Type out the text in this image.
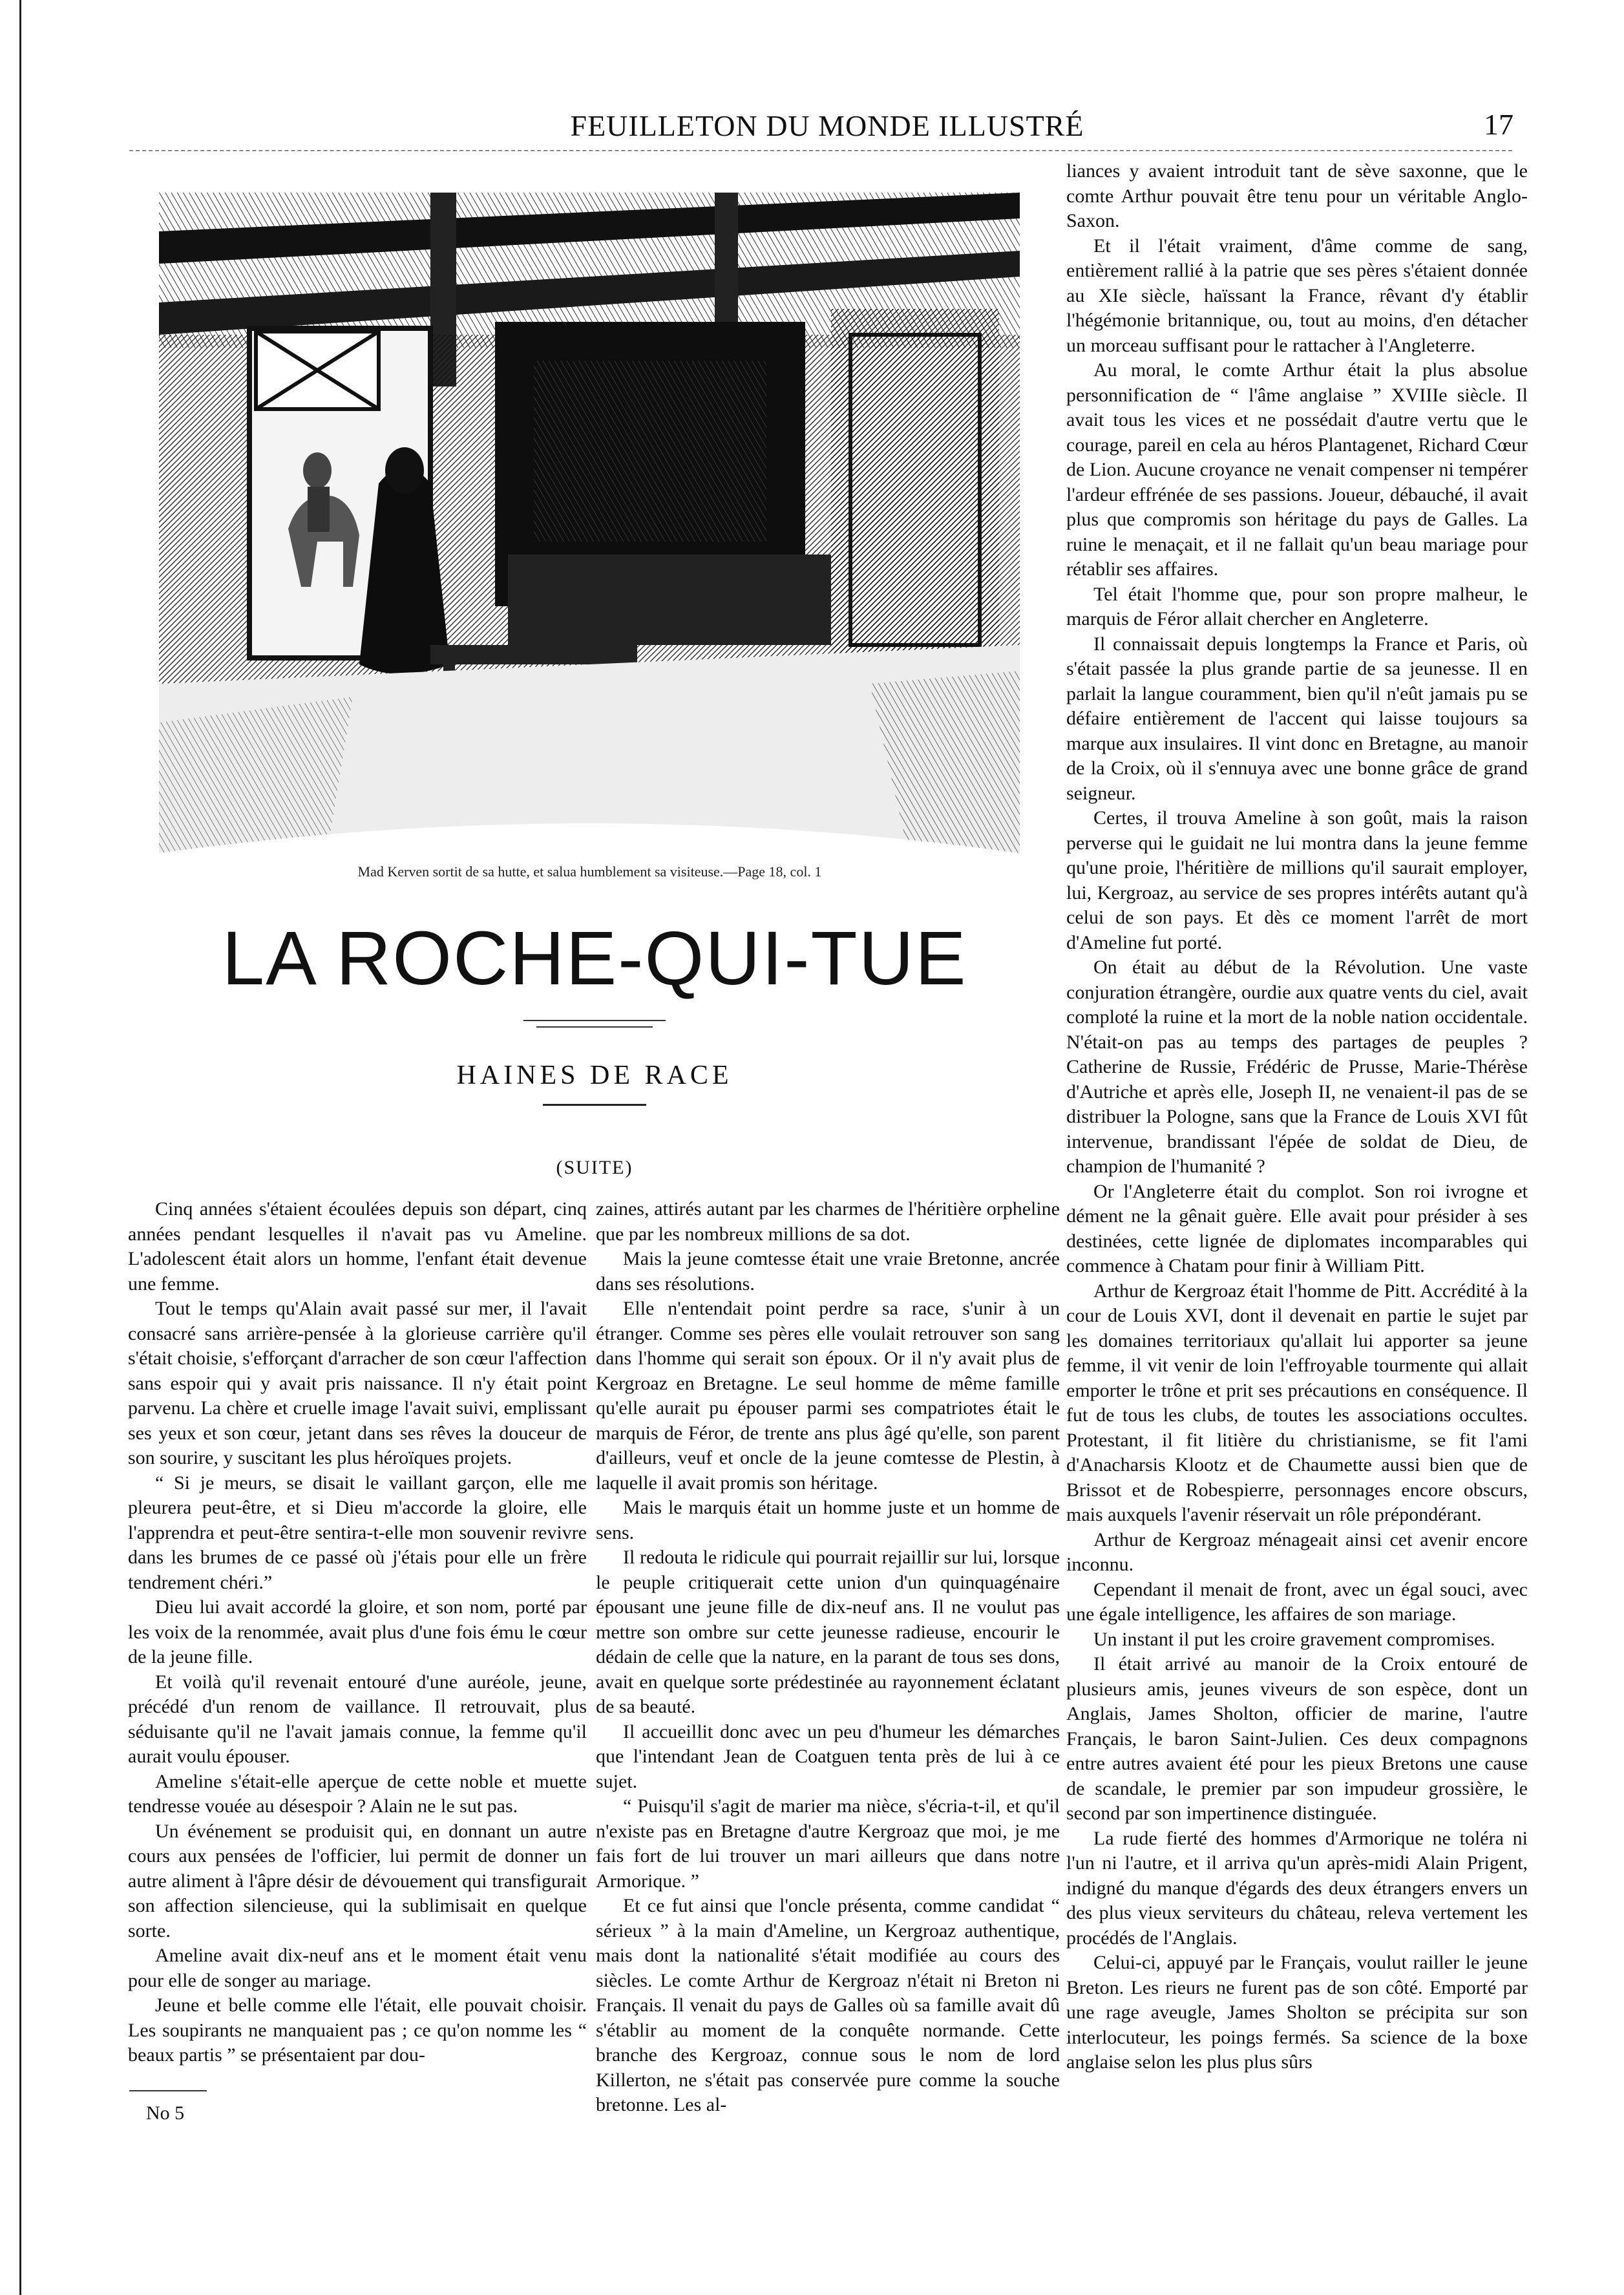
FEUILLETON DU MONDE ILLUSTRÉ	17
Mad Kerven sortit de sa hutte, et salua humblement sa visiteuse.—Page 18, col. 1
LA ROCHE-QUI-TUE
HAINES DE RACE
(SUITE)

Cinq années s'étaient écoulées depuis son départ, cinq années pendant lesquelles il n'avait pas vu Ameline. L'adolescent était alors un homme, l'enfant était devenue une femme.

Tout le temps qu'Alain avait passé sur mer, il l'avait consacré sans arrière-pensée à la glorieuse carrière qu'il s'était choisie, s'efforçant d'arracher de son cœur l'affection sans espoir qui y avait pris naissance. Il n'y était point parvenu. La chère et cruelle image l'avait suivi, emplissant ses yeux et son cœur, jetant dans ses rêves la douceur de son sourire, y suscitant les plus héroïques projets.

“ Si je meurs, se disait le vaillant garçon, elle me pleurera peut-être, et si Dieu m'accorde la gloire, elle l'apprendra et peut-être sentira-t-elle mon souvenir revivre dans les brumes de ce passé où j'étais pour elle un frère tendrement chéri.”

Dieu lui avait accordé la gloire, et son nom, porté par les voix de la renommée, avait plus d'une fois ému le cœur de la jeune fille.

Et voilà qu'il revenait entouré d'une auréole, jeune, précédé d'un renom de vaillance. Il retrouvait, plus séduisante qu'il ne l'avait jamais connue, la femme qu'il aurait voulu épouser.

Ameline s'était-elle aperçue de cette noble et muette tendresse vouée au désespoir ? Alain ne le sut pas.

Un événement se produisit qui, en donnant un autre cours aux pensées de l'officier, lui permit de donner un autre aliment à l'âpre désir de dévouement qui transfigurait son affection silencieuse, qui la sublimisait en quelque sorte.

Ameline avait dix-neuf ans et le moment était venu pour elle de songer au mariage.

Jeune et belle comme elle l'était, elle pouvait choisir. Les soupirants ne manquaient pas ; ce qu'on nomme les “ beaux partis ” se présentaient par dou-

zaines, attirés autant par les charmes de l'héritière orpheline que par les nombreux millions de sa dot.

Mais la jeune comtesse était une vraie Bretonne, ancrée dans ses résolutions.

Elle n'entendait point perdre sa race, s'unir à un étranger. Comme ses pères elle voulait retrouver son sang dans l'homme qui serait son époux. Or il n'y avait plus de Kergroaz en Bretagne. Le seul homme de même famille qu'elle aurait pu épouser parmi ses compatriotes était le marquis de Féror, de trente ans plus âgé qu'elle, son parent d'ailleurs, veuf et oncle de la jeune comtesse de Plestin, à laquelle il avait promis son héritage.

Mais le marquis était un homme juste et un homme de sens.

Il redouta le ridicule qui pourrait rejaillir sur lui, lorsque le peuple critiquerait cette union d'un quinquagénaire épousant une jeune fille de dix-neuf ans. Il ne voulut pas mettre son ombre sur cette jeunesse radieuse, encourir le dédain de celle que la nature, en la parant de tous ses dons, avait en quelque sorte prédestinée au rayonnement éclatant de sa beauté.

Il accueillit donc avec un peu d'humeur les démarches que l'intendant Jean de Coatguen tenta près de lui à ce sujet.

“ Puisqu'il s'agit de marier ma nièce, s'écria-t-il, et qu'il n'existe pas en Bretagne d'autre Kergroaz que moi, je me fais fort de lui trouver un mari ailleurs que dans notre Armorique. ”

Et ce fut ainsi que l'oncle présenta, comme candidat “ sérieux ” à la main d'Ameline, un Kergroaz authentique, mais dont la nationalité s'était modifiée au cours des siècles. Le comte Arthur de Kergroaz n'était ni Breton ni Français. Il venait du pays de Galles où sa famille avait dû s'établir au moment de la conquête normande. Cette branche des Kergroaz, connue sous le nom de lord Killerton, ne s'était pas conservée pure comme la souche bretonne. Les al-

liances y avaient introduit tant de sève saxonne, que le comte Arthur pouvait être tenu pour un véritable Anglo-Saxon.

Et il l'était vraiment, d'âme comme de sang, entièrement rallié à la patrie que ses pères s'étaient donnée au XIe siècle, haïssant la France, rêvant d'y établir l'hégémonie britannique, ou, tout au moins, d'en détacher un morceau suffisant pour le rattacher à l'Angleterre.

Au moral, le comte Arthur était la plus absolue personnification de “ l'âme anglaise ” XVIIIe siècle. Il avait tous les vices et ne possédait d'autre vertu que le courage, pareil en cela au héros Plantagenet, Richard Cœur de Lion. Aucune croyance ne venait compenser ni tempérer l'ardeur effrénée de ses passions. Joueur, débauché, il avait plus que compromis son héritage du pays de Galles. La ruine le menaçait, et il ne fallait qu'un beau mariage pour rétablir ses affaires.

Tel était l'homme que, pour son propre malheur, le marquis de Féror allait chercher en Angleterre.

Il connaissait depuis longtemps la France et Paris, où s'était passée la plus grande partie de sa jeunesse. Il en parlait la langue couramment, bien qu'il n'eût jamais pu se défaire entièrement de l'accent qui laisse toujours sa marque aux insulaires. Il vint donc en Bretagne, au manoir de la Croix, où il s'ennuya avec une bonne grâce de grand seigneur.

Certes, il trouva Ameline à son goût, mais la raison perverse qui le guidait ne lui montra dans la jeune femme qu'une proie, l'héritière de millions qu'il saurait employer, lui, Kergroaz, au service de ses propres intérêts autant qu'à celui de son pays. Et dès ce moment l'arrêt de mort d'Ameline fut porté.

On était au début de la Révolution. Une vaste conjuration étrangère, ourdie aux quatre vents du ciel, avait comploté la ruine et la mort de la noble nation occidentale. N'était-on pas au temps des partages de peuples ? Catherine de Russie, Frédéric de Prusse, Marie-Thérèse d'Autriche et après elle, Joseph II, ne venaient-il pas de se distribuer la Pologne, sans que la France de Louis XVI fût intervenue, brandissant l'épée de soldat de Dieu, de champion de l'humanité ?

Or l'Angleterre était du complot. Son roi ivrogne et dément ne la gênait guère. Elle avait pour présider à ses destinées, cette lignée de diplomates incomparables qui commence à Chatam pour finir à William Pitt.

Arthur de Kergroaz était l'homme de Pitt. Accrédité à la cour de Louis XVI, dont il devenait en partie le sujet par les domaines territoriaux qu'allait lui apporter sa jeune femme, il vit venir de loin l'effroyable tourmente qui allait emporter le trône et prit ses précautions en conséquence. Il fut de tous les clubs, de toutes les associations occultes. Protestant, il fit litière du christianisme, se fit l'ami d'Anacharsis Klootz et de Chaumette aussi bien que de Brissot et de Robespierre, personnages encore obscurs, mais auxquels l'avenir réservait un rôle prépondérant.

Arthur de Kergroaz ménageait ainsi cet avenir encore inconnu.

Cependant il menait de front, avec un égal souci, avec une égale intelligence, les affaires de son mariage.

Un instant il put les croire gravement compromises.

Il était arrivé au manoir de la Croix entouré de plusieurs amis, jeunes viveurs de son espèce, dont un Anglais, James Sholton, officier de marine, l'autre Français, le baron Saint-Julien. Ces deux compagnons entre autres avaient été pour les pieux Bretons une cause de scandale, le premier par son impudeur grossière, le second par son impertinence distinguée.

La rude fierté des hommes d'Armorique ne toléra ni l'un ni l'autre, et il arriva qu'un après-midi Alain Prigent, indigné du manque d'égards des deux étrangers envers un des plus vieux serviteurs du château, releva vertement les procédés de l'Anglais.

Celui-ci, appuyé par le Français, voulut railler le jeune Breton. Les rieurs ne furent pas de son côté. Emporté par une rage aveugle, James Sholton se précipita sur son interlocuteur, les poings fermés. Sa science de la boxe anglaise selon les plus plus sûrs

No 5
